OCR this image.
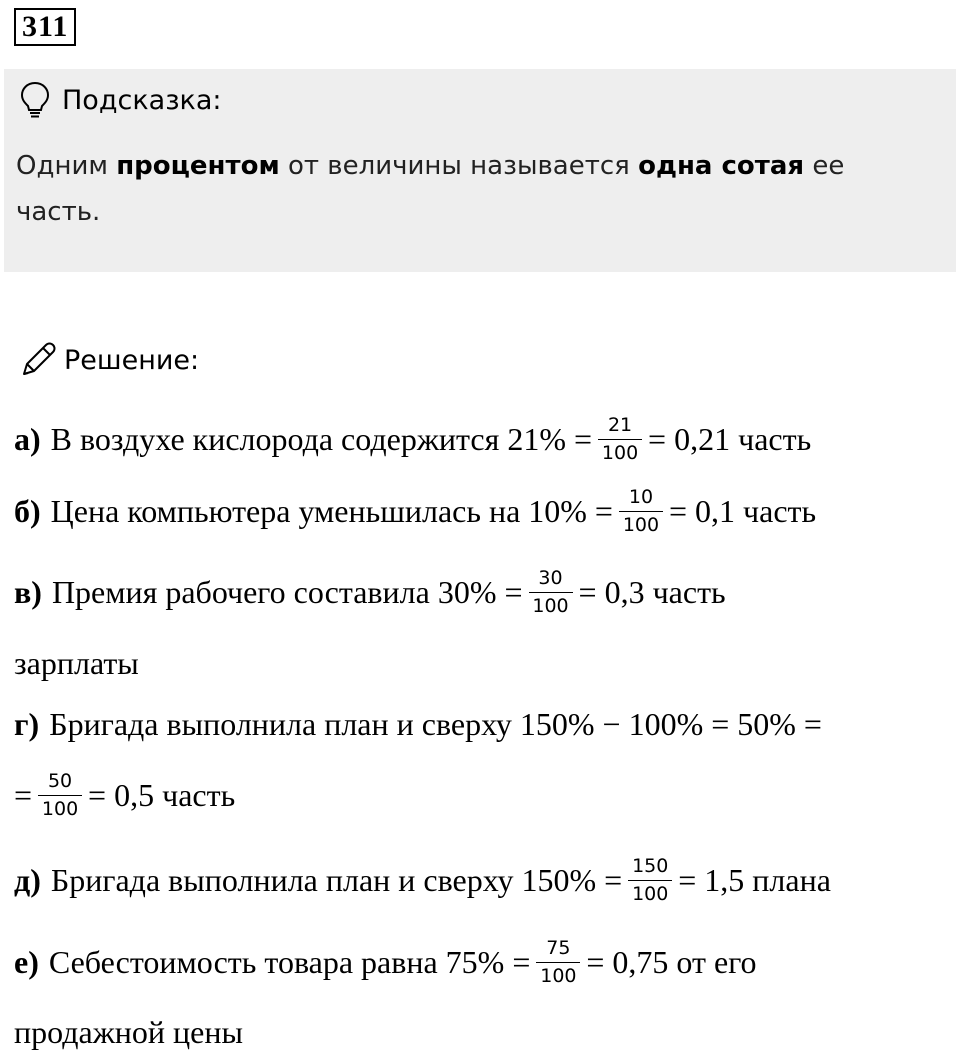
311
Подсказка:
Одним процентом от величины называется одна сотая ее часть.
Решение:
а) В воздухе кислорода содержится $21\% = \frac{21}{100} = 0,21$ часть
б) Цена компьютера уменьшилась на $10\% = \frac{10}{100} = 0,1$ часть
в) Премия рабочего составила $30\% = \frac{30}{100} = 0,3$ часть
зарплаты
г) Бригада выполнила план и сверху 150% − 100% = 50% =
= $\frac{50}{100} = 0,5$ часть
д) Бригада выполнила план и сверху $150\% = \frac{150}{100} = 1,5$ плана
е) Себестоимость товара равна $75\% = \frac{75}{100} = 0,75$ от его
продажной цены
